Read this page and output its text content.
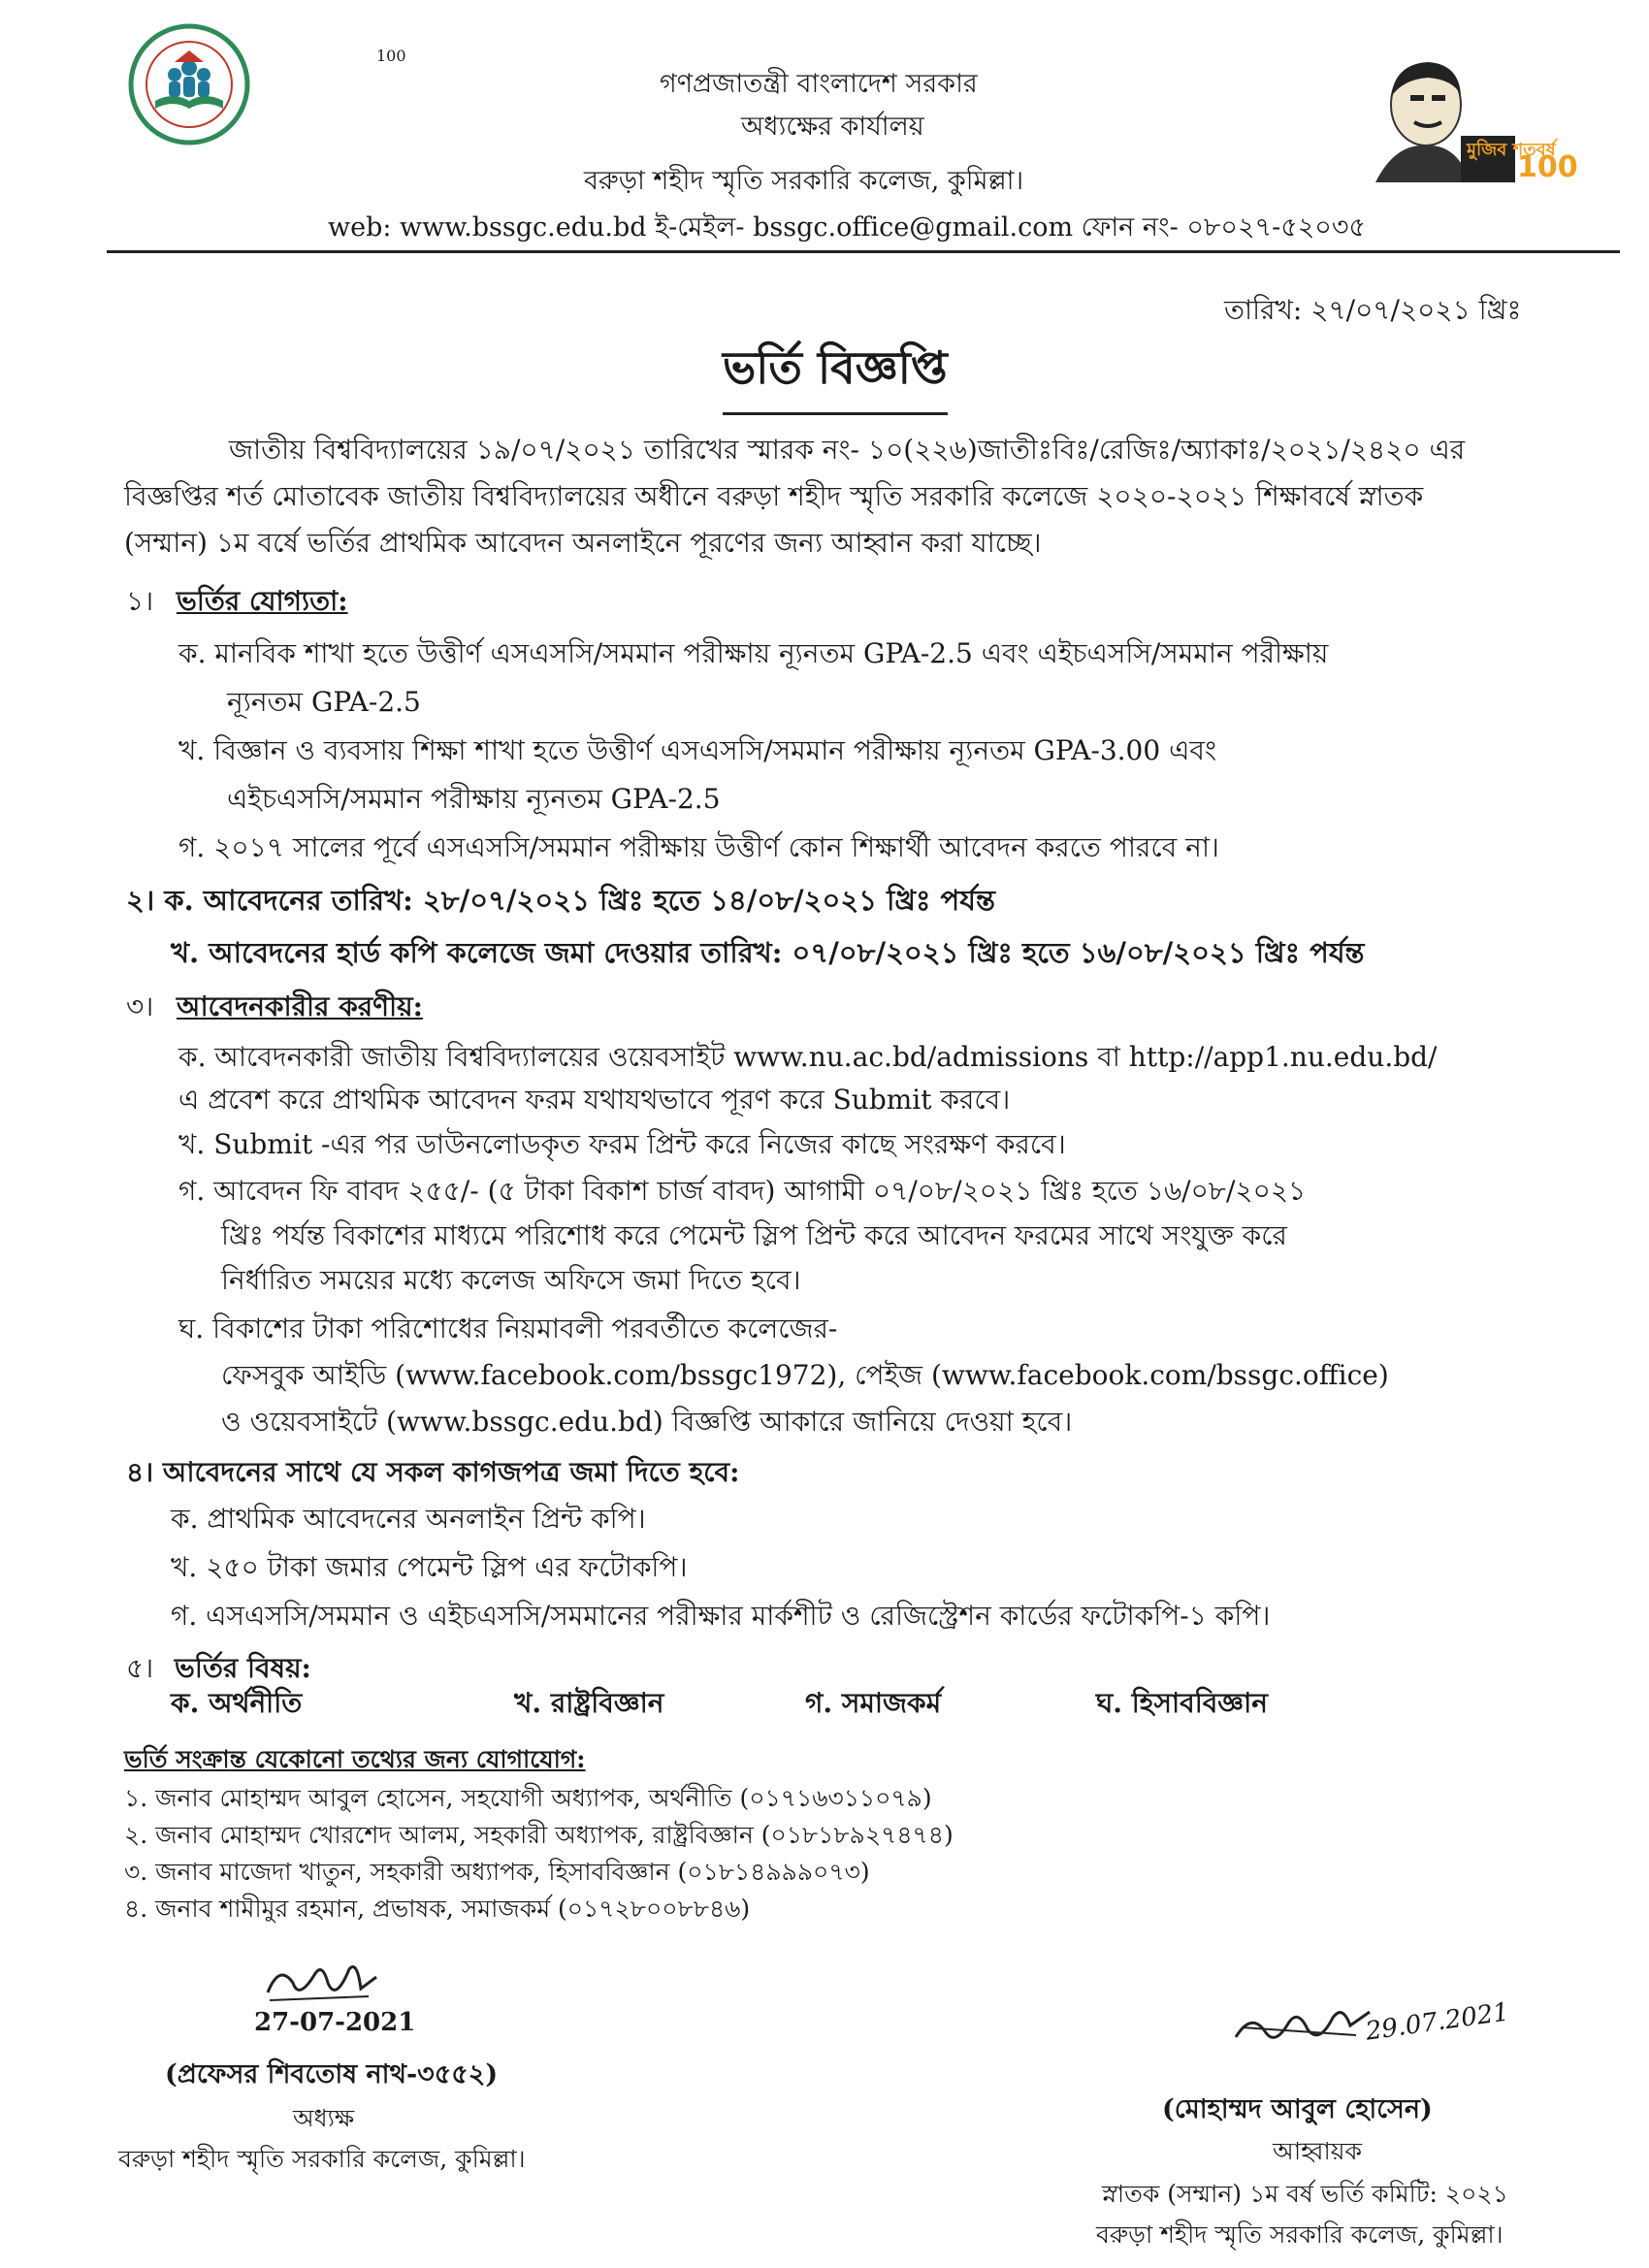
গণপ্রজাতন্ত্রী বাংলাদেশ সরকার
অধ্যক্ষের কার্যালয়
বরুড়া শহীদ স্মৃতি সরকারি কলেজ, কুমিল্লা।
web: www.bssgc.edu.bd ই-মেইল- bssgc.office@gmail.com ফোন নং- ০৮০২৭-৫২০৩৫
100
মুজিব শতবর্ষ
100
তারিখ: ২৭/০৭/২০২১ খ্রিঃ
ভর্তি বিজ্ঞপ্তি
জাতীয় বিশ্ববিদ্যালয়ের ১৯/০৭/২০২১ তারিখের স্মারক নং- ১০(২২৬)জাতীঃবিঃ/রেজিঃ/অ্যাকাঃ/২০২১/২৪২০ এর
বিজ্ঞপ্তির শর্ত মোতাবেক জাতীয় বিশ্ববিদ্যালয়ের অধীনে বরুড়া শহীদ স্মৃতি সরকারি কলেজে ২০২০-২০২১ শিক্ষাবর্ষে স্নাতক
(সম্মান) ১ম বর্ষে ভর্তির প্রাথমিক আবেদন অনলাইনে পূরণের জন্য আহ্বান করা যাচ্ছে।
১। ভর্তির যোগ্যতা:
ক. মানবিক শাখা হতে উত্তীর্ণ এসএসসি/সমমান পরীক্ষায় ন্যূনতম GPA-2.5 এবং এইচএসসি/সমমান পরীক্ষায়
ন্যূনতম GPA-2.5
খ. বিজ্ঞান ও ব্যবসায় শিক্ষা শাখা হতে উত্তীর্ণ এসএসসি/সমমান পরীক্ষায় ন্যূনতম GPA-3.00 এবং
এইচএসসি/সমমান পরীক্ষায় ন্যূনতম GPA-2.5
গ. ২০১৭ সালের পূর্বে এসএসসি/সমমান পরীক্ষায় উত্তীর্ণ কোন শিক্ষার্থী আবেদন করতে পারবে না।
২। ক. আবেদনের তারিখ: ২৮/০৭/২০২১ খ্রিঃ হতে ১৪/০৮/২০২১ খ্রিঃ পর্যন্ত
খ. আবেদনের হার্ড কপি কলেজে জমা দেওয়ার তারিখ: ০৭/০৮/২০২১ খ্রিঃ হতে ১৬/০৮/২০২১ খ্রিঃ পর্যন্ত
৩। আবেদনকারীর করণীয়:
ক. আবেদনকারী জাতীয় বিশ্ববিদ্যালয়ের ওয়েবসাইট www.nu.ac.bd/admissions বা http://app1.nu.edu.bd/
এ প্রবেশ করে প্রাথমিক আবেদন ফরম যথাযথভাবে পূরণ করে Submit করবে।
খ. Submit -এর পর ডাউনলোডকৃত ফরম প্রিন্ট করে নিজের কাছে সংরক্ষণ করবে।
গ. আবেদন ফি বাবদ ২৫৫/- (৫ টাকা বিকাশ চার্জ বাবদ) আগামী ০৭/০৮/২০২১ খ্রিঃ হতে ১৬/০৮/২০২১
খ্রিঃ পর্যন্ত বিকাশের মাধ্যমে পরিশোধ করে পেমেন্ট স্লিপ প্রিন্ট করে আবেদন ফরমের সাথে সংযুক্ত করে
নির্ধারিত সময়ের মধ্যে কলেজ অফিসে জমা দিতে হবে।
ঘ. বিকাশের টাকা পরিশোধের নিয়মাবলী পরবর্তীতে কলেজের-
ফেসবুক আইডি (www.facebook.com/bssgc1972), পেইজ (www.facebook.com/bssgc.office)
ও ওয়েবসাইটে (www.bssgc.edu.bd) বিজ্ঞপ্তি আকারে জানিয়ে দেওয়া হবে।
৪। আবেদনের সাথে যে সকল কাগজপত্র জমা দিতে হবে:
ক. প্রাথমিক আবেদনের অনলাইন প্রিন্ট কপি।
খ. ২৫০ টাকা জমার পেমেন্ট স্লিপ এর ফটোকপি।
গ. এসএসসি/সমমান ও এইচএসসি/সমমানের পরীক্ষার মার্কশীট ও রেজিস্ট্রেশন কার্ডের ফটোকপি-১ কপি।
৫। ভর্তির বিষয়:
ক. অর্থনীতি	খ. রাষ্ট্রবিজ্ঞান	গ. সমাজকর্ম	ঘ. হিসাববিজ্ঞান
ভর্তি সংক্রান্ত যেকোনো তথ্যের জন্য যোগাযোগ:
১. জনাব মোহাম্মদ আবুল হোসেন, সহযোগী অধ্যাপক, অর্থনীতি (০১৭১৬৩১১০৭৯)
২. জনাব মোহাম্মদ খোরশেদ আলম, সহকারী অধ্যাপক, রাষ্ট্রবিজ্ঞান (০১৮১৮৯২৭৪৭৪)
৩. জনাব মাজেদা খাতুন, সহকারী অধ্যাপক, হিসাববিজ্ঞান (০১৮১৪৯৯৯০৭৩)
৪. জনাব শামীমুর রহমান, প্রভাষক, সমাজকর্ম (০১৭২৮০০৮৮৪৬)
27-07-2021
(প্রফেসর শিবতোষ নাথ-৩৫৫২)
অধ্যক্ষ
বরুড়া শহীদ স্মৃতি সরকারি কলেজ, কুমিল্লা।
29.07.2021
(মোহাম্মদ আবুল হোসেন)
আহ্বায়ক
স্নাতক (সম্মান) ১ম বর্ষ ভর্তি কমিটি: ২০২১
বরুড়া শহীদ স্মৃতি সরকারি কলেজ, কুমিল্লা।
